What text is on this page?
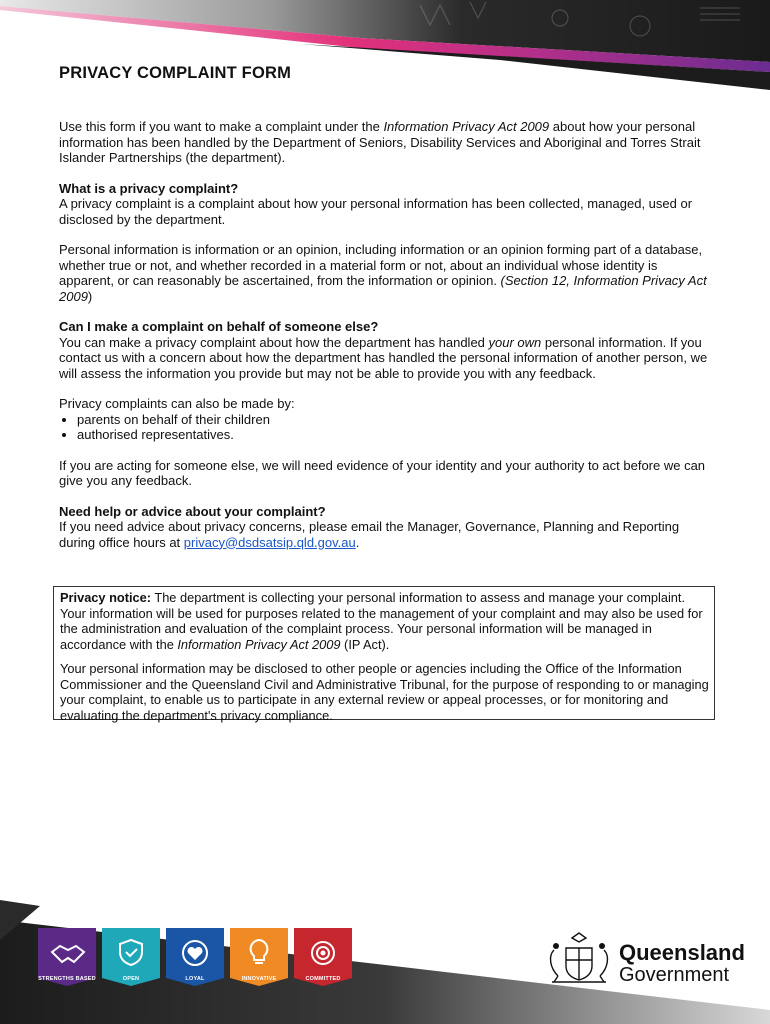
PRIVACY COMPLAINT FORM

Use this form if you want to make a complaint under the Information Privacy Act 2009 about how your personal information has been handled by the Department of Seniors, Disability Services and Aboriginal and Torres Strait Islander Partnerships (the department).

What is a privacy complaint?

A privacy complaint is a complaint about how your personal information has been collected, managed, used or disclosed by the department.

Personal information is information or an opinion, including information or an opinion forming part of a database, whether true or not, and whether recorded in a material form or not, about an individual whose identity is apparent, or can reasonably be ascertained, from the information or opinion. (Section 12, Information Privacy Act 2009)

Can I make a complaint on behalf of someone else?

You can make a privacy complaint about how the department has handled your own personal information. If you contact us with a concern about how the department has handled the personal information of another person, we will assess the information you provide but may not be able to provide you with any feedback.

Privacy complaints can also be made by:

• parents on behalf of their children
• authorised representatives.

If you are acting for someone else, we will need evidence of your identity and your authority to act before we can give you any feedback.

Need help or advice about your complaint?

If you need advice about privacy concerns, please email the Manager, Governance, Planning and Reporting during office hours at privacy@dsdsatsip.qld.gov.au.

Privacy notice: The department is collecting your personal information to assess and manage your complaint. Your information will be used for purposes related to the management of your complaint and may also be used for the administration and evaluation of the complaint process. Your personal information will be managed in accordance with the Information Privacy Act 2009 (IP Act).

Your personal information may be disclosed to other people or agencies including the Office of the Information Commissioner and the Queensland Civil and Administrative Tribunal, for the purpose of responding to or managing your complaint, to enable us to participate in any external review or appeal processes, or for monitoring and evaluating the department's privacy compliance.

STRENGTHS BASED	OPEN	LOYAL	INNOVATIVE	COMMITTED
Queensland
Government
